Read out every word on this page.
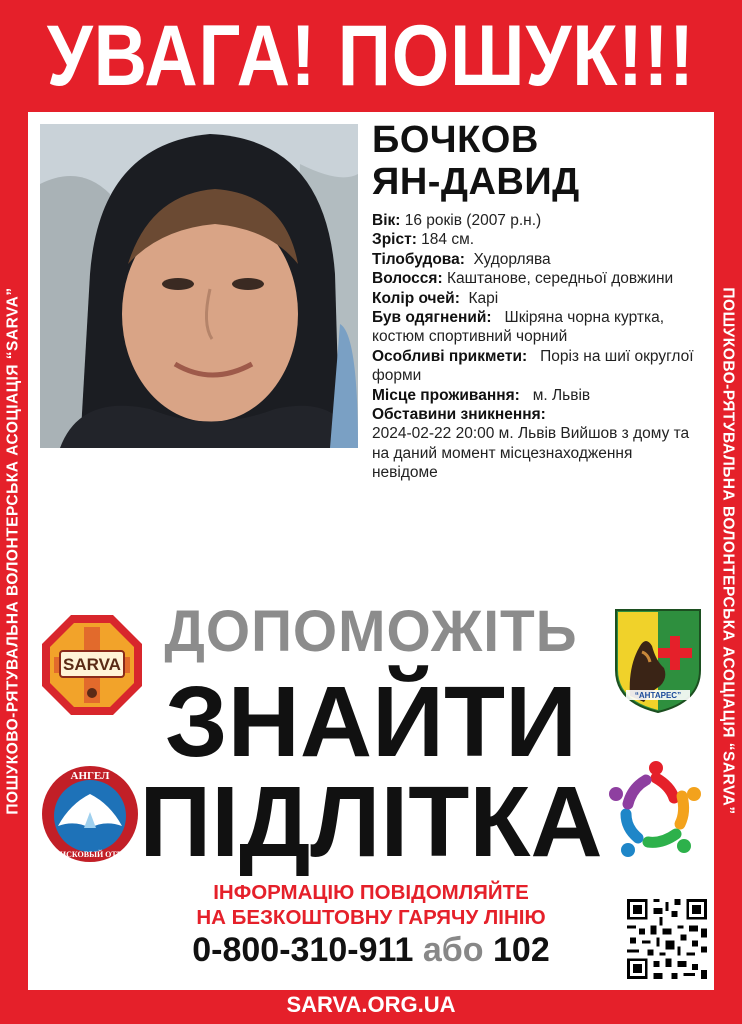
УВАГА! ПОШУК!!!
ПОШУКОВО-РЯТУВАЛЬНА ВОЛОНТЕРСЬКА АСОЦІАЦІЯ “SARVA”	ПОШУКОВО-РЯТУВАЛЬНА ВОЛОНТЕРСЬКА АСОЦІАЦІЯ “SARVA”
БОЧКОВ
ЯН-ДАВИД
Вік: 16 років (2007 р.н.)
Зріст: 184 см.
Тілобудова: Худорлява
Волосся: Каштанове, середньої довжини
Колір очей: Карі
Був одягнений: Шкіряна чорна куртка, костюм спортивний чорний
Особливі прикмети: Поріз на шиї округлої форми
Місце проживання: м. Львів
Обставини зникнення:
2024-02-22 20:00 м. Львів Вийшов з дому та на даний момент місцезнаходження невідоме
ДОПОМОЖІТЬ
ЗНАЙТИ
ПІДЛІТКА
SARVA
“АНТАРЕС”
АНГЕЛ
ПОИСКОВЫЙ ОТРЯД
ІНФОРМАЦІЮ ПОВІДОМЛЯЙТЕ
НА БЕЗКОШТОВНУ ГАРЯЧУ ЛІНІЮ
0-800-310-911 або 102
SARVA.ORG.UA
